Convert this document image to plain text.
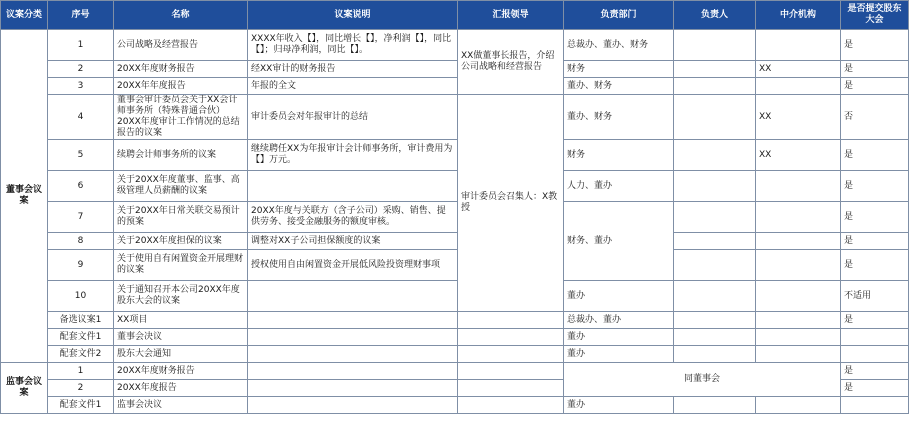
议案分类	序号	名称	议案说明	汇报领导	负责部门	负责人	中介机构	是否提交股东大会
董事会议案	1	公司战略及经营报告	XXXX年收入【】，同比增长【】，净利润【】，同比【】；归母净利润，同比【】。	XX做董事长报告，介绍公司战略和经营报告	总裁办、董办、财务			是
	2	20XX年度财务报告	经XX审计的财务报告		财务		XX	是
	3	20XX年年度报告	年报的全文		董办、财务			是
	4	董事会审计委员会关于XX会计师事务所（特殊普通合伙）20XX年度审计工作情况的总结报告的议案	审计委员会对年报审计的总结	审计委员会召集人：X教授	董办、财务		XX	否
	5	续聘会计师事务所的议案	继续聘任XX为年报审计会计师事务所，审计费用为【】万元。		财务		XX	是
	6	关于20XX年度董事、监事、高级管理人员薪酬的议案			人力、董办			是
	7	关于20XX年日常关联交易预计的预案	20XX年度与关联方（含子公司）采购、销售、提供劳务、接受金融服务的额度审核。		财务、董办			是
	8	关于20XX年度担保的议案	调整对XX子公司担保额度的议案					是
	9	关于使用自有闲置资金开展理财的议案	授权使用自由闲置资金开展低风险投资理财事项					是
	10	关于通知召开本公司20XX年度股东大会的议案			董办			不适用
	备选议案1	XX项目			总裁办、董办			是
	配套文件1	董事会决议			董办			
	配套文件2	股东大会通知			董办			
监事会议案	1	20XX年度财务报告			同董事会			是
	2	20XX年度报告						是
	配套文件1	监事会决议			董办			
